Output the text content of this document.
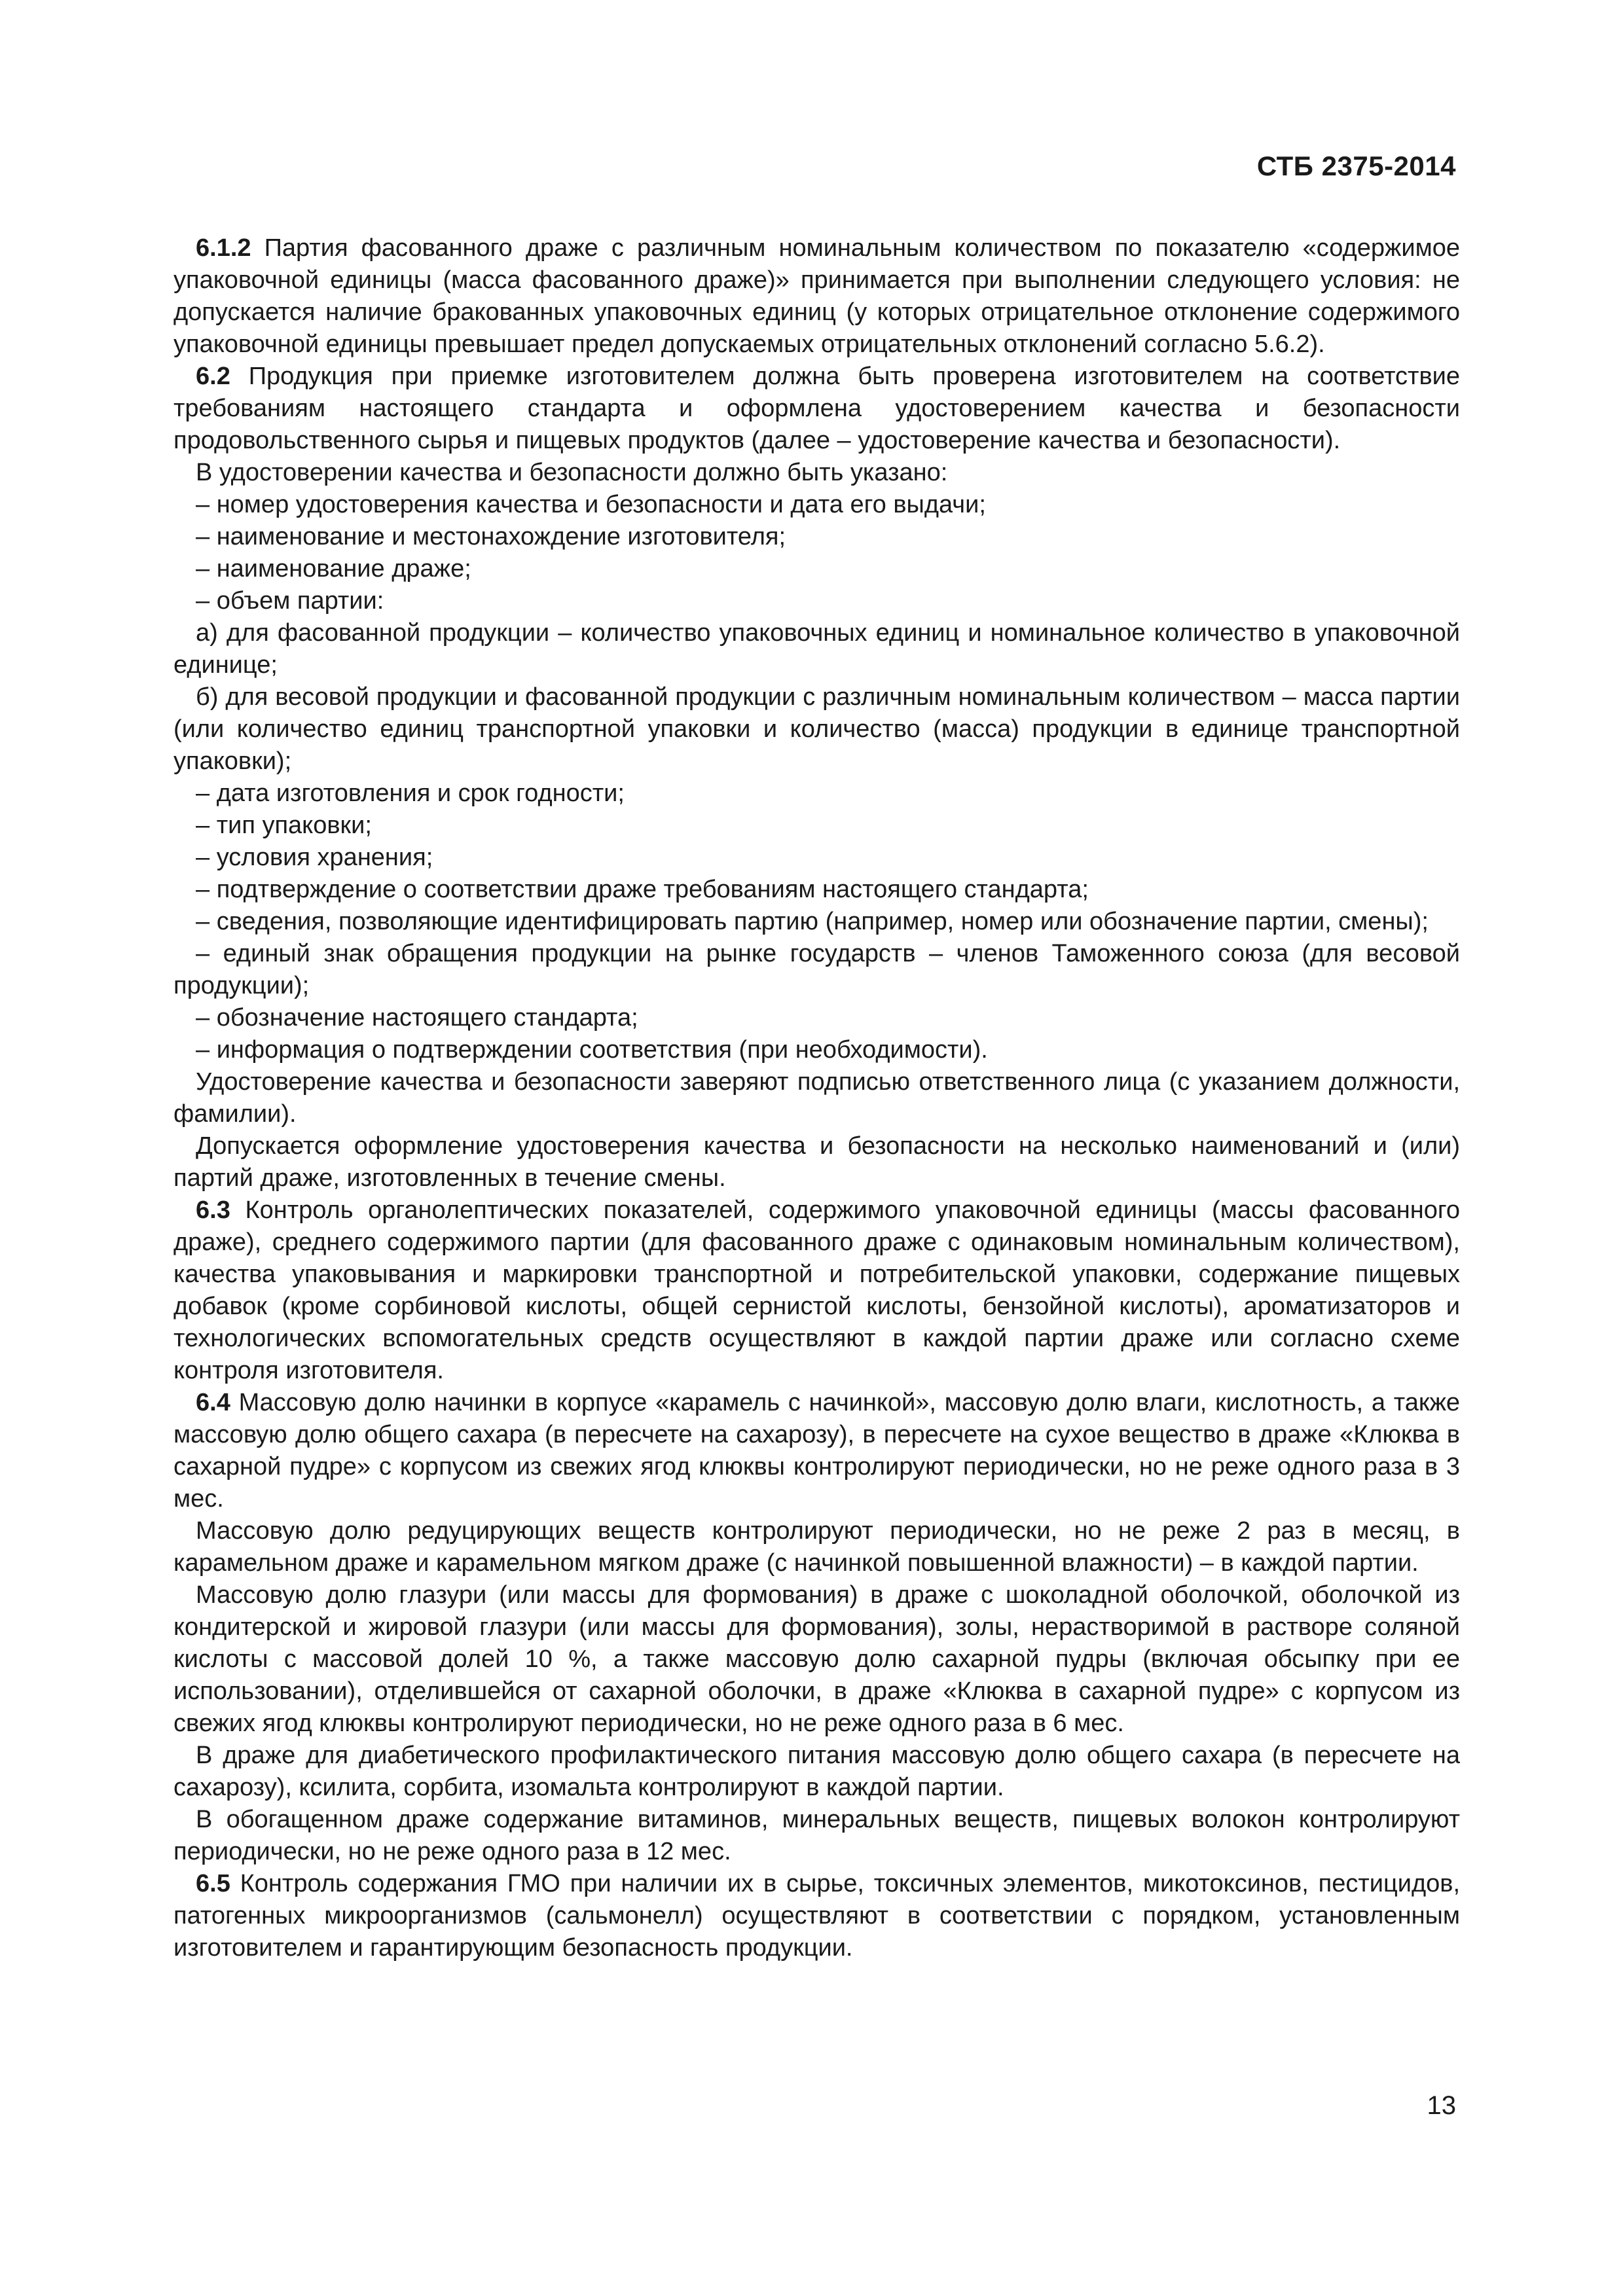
СТБ 2375-2014

6.1.2 Партия фасованного драже с различным номинальным количеством по показателю «содержимое упаковочной единицы (масса фасованного драже)» принимается при выполнении следующего условия: не допускается наличие бракованных упаковочных единиц (у которых отрицательное отклонение содержимого упаковочной единицы превышает предел допускаемых отрицательных отклонений согласно 5.6.2).

6.2 Продукция при приемке изготовителем должна быть проверена изготовителем на соответствие требованиям настоящего стандарта и оформлена удостоверением качества и безопасности продовольственного сырья и пищевых продуктов (далее – удостоверение качества и безопасности).

В удостоверении качества и безопасности должно быть указано:

– номер удостоверения качества и безопасности и дата его выдачи;

– наименование и местонахождение изготовителя;

– наименование драже;

– объем партии:

а) для фасованной продукции – количество упаковочных единиц и номинальное количество в упаковочной единице;

б) для весовой продукции и фасованной продукции с различным номинальным количеством – масса партии (или количество единиц транспортной упаковки и количество (масса) продукции в единице транспортной упаковки);

– дата изготовления и срок годности;

– тип упаковки;

– условия хранения;

– подтверждение о соответствии драже требованиям настоящего стандарта;

– сведения, позволяющие идентифицировать партию (например, номер или обозначение партии, смены);

– единый знак обращения продукции на рынке государств – членов Таможенного союза (для весовой продукции);

– обозначение настоящего стандарта;

– информация о подтверждении соответствия (при необходимости).

Удостоверение качества и безопасности заверяют подписью ответственного лица (с указанием должности, фамилии).

Допускается оформление удостоверения качества и безопасности на несколько наименований и (или) партий драже, изготовленных в течение смены.

6.3 Контроль органолептических показателей, содержимого упаковочной единицы (массы фасованного драже), среднего содержимого партии (для фасованного драже с одинаковым номинальным количеством), качества упаковывания и маркировки транспортной и потребительской упаковки, содержание пищевых добавок (кроме сорбиновой кислоты, общей сернистой кислоты, бензойной кислоты), ароматизаторов и технологических вспомогательных средств осуществляют в каждой партии драже или согласно схеме контроля изготовителя.

6.4 Массовую долю начинки в корпусе «карамель с начинкой», массовую долю влаги, кислотность, а также массовую долю общего сахара (в пересчете на сахарозу), в пересчете на сухое вещество в драже «Клюква в сахарной пудре» с корпусом из свежих ягод клюквы контролируют периодически, но не реже одного раза в 3 мес.

Массовую долю редуцирующих веществ контролируют периодически, но не реже 2 раз в месяц, в карамельном драже и карамельном мягком драже (с начинкой повышенной влажности) – в каждой партии.

Массовую долю глазури (или массы для формования) в драже с шоколадной оболочкой, оболочкой из кондитерской и жировой глазури (или массы для формования), золы, нерастворимой в растворе соляной кислоты с массовой долей 10 %, а также массовую долю сахарной пудры (включая обсыпку при ее использовании), отделившейся от сахарной оболочки, в драже «Клюква в сахарной пудре» с корпусом из свежих ягод клюквы контролируют периодически, но не реже одного раза в 6 мес.

В драже для диабетического профилактического питания массовую долю общего сахара (в пересчете на сахарозу), ксилита, сорбита, изомальта контролируют в каждой партии.

В обогащенном драже содержание витаминов, минеральных веществ, пищевых волокон контролируют периодически, но не реже одного раза в 12 мес.

6.5 Контроль содержания ГМО при наличии их в сырье, токсичных элементов, микотоксинов, пестицидов, патогенных микроорганизмов (сальмонелл) осуществляют в соответствии с порядком, установленным изготовителем и гарантирующим безопасность продукции.

13
